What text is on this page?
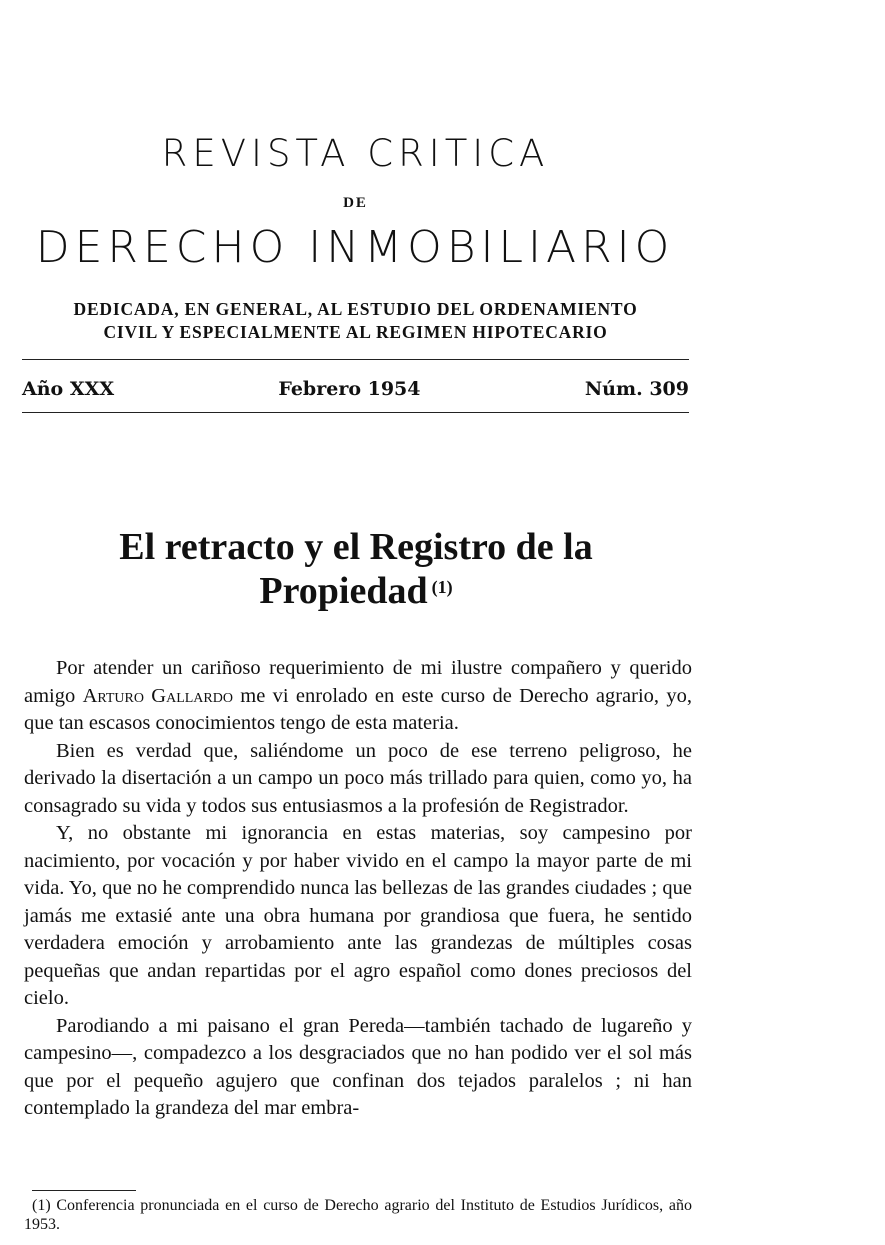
REVISTA CRITICA
DE
DERECHO INMOBILIARIO
DEDICADA, EN GENERAL, AL ESTUDIO DEL ORDENAMIENTO
CIVIL Y ESPECIALMENTE AL REGIMEN HIPOTECARIO
Año XXX	Febrero 1954	Núm. 309
El retracto y el Registro de la Propiedad $^{(1)}$

Por atender un cariñoso requerimiento de mi ilustre compañero y querido amigo Arturo Gallardo me vi enrolado en este curso de Derecho agrario, yo, que tan escasos conocimientos tengo de esta materia.

Bien es verdad que, saliéndome un poco de ese terreno peligroso, he derivado la disertación a un campo un poco más trillado para quien, como yo, ha consagrado su vida y todos sus entusiasmos a la profesión de Registrador.

Y, no obstante mi ignorancia en estas materias, soy campesino por nacimiento, por vocación y por haber vivido en el campo la mayor parte de mi vida. Yo, que no he comprendido nunca las bellezas de las grandes ciudades ; que jamás me extasié ante una obra humana por grandiosa que fuera, he sentido verdadera emoción y arrobamiento ante las grandezas de múltiples cosas pequeñas que andan repartidas por el agro español como dones preciosos del cielo.

Parodiando a mi paisano el gran Pereda—también tachado de lugareño y campesino—, compadezco a los desgraciados que no han podido ver el sol más que por el pequeño agujero que confinan dos tejados paralelos ; ni han contemplado la grandeza del mar embra-

(1) Conferencia pronunciada en el curso de Derecho agrario del Instituto de Estudios Jurídicos, año 1953.
